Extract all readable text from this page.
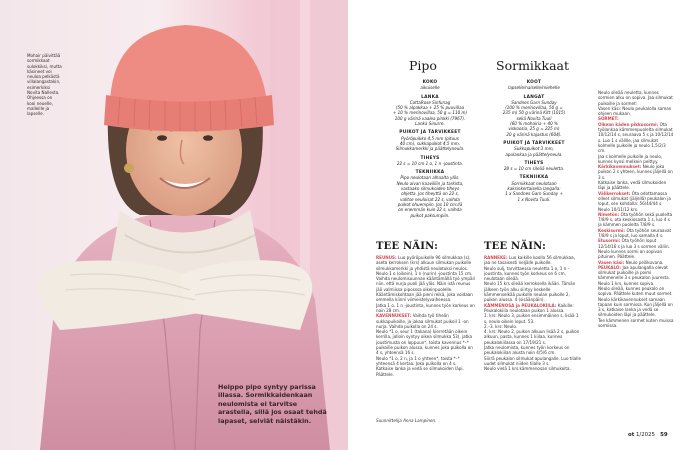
Mohair päivittää
sormikkaat
sulokkiksi, mutta
käsineet voi
neuloa pelkästä
villalangastakin,
esimerkiksi
Novita Nallesta.
Ohjeessa on
kooi neuelle,
malleille ja
lapselle.
Helppo pipo syntyy parissa illassa. Sormikkaidenkaan neulomista ei tarvitse arastella, sillä jos osaat tehdä lapaset, selviät näistäkin.
Pipo	Sormikkaat
KOKO
aikuiselle
LANKA
CottaRose Sinfunag
(50 % alpakkaa + 25 % puuvillaa
+ 10 % merinovillaa, 50 g = 110 m)
100 g värinä vaalea pinkki (7967).
Lanka Sinurre.
PUIKOT JA TARVIKKEET
Pyöröpuikko 4,5 mm (pituus
40 cm), sukkapuikot 4,5 mm.
Silmukkamerkki ja päättelyneula.
TIHEYS
22 s = 10 cm 1 o, 1 n -joustinta.
TEKNIIKKA
Pipo neulotaan alhaalta ylös.
Neulo aivan kaavilliin ja tarkista,
vastaako silmukoiden tiheys
ohjetta. Jos tiheyttä on 22 s,
valitse neuloisat 22 s, vaihda
puikot ohuempiin. Jos 10 cm:llä
on enemmän kuin 22 s, vaihda
puikot paksumpiin.
KOOT
lapselle/naiselle/miehelle
LANGAT
Sandnes Garn Sunday
(100 % merinovillaa, 50 g =
235 m) 50 g värinä Kitt (1015)
sekä Novita Tuuli
(60 % mohairia + 40 %
viskoosia, 25 g = 225 m)
20 g värinä kajastus (604).
PUIKOT JA TARVIKKEET
Sukkapuikot 3 mm,
apulankaa ja päättelyneula.
TIHEYS
28 s = 10 cm sileää neuletta.
TEKNIIKKA
Sormikkaat neulotaan
kaksinkertaisella langalla:
1 x Sandnes Garn Sunday +
1 x Novita Tuuli.
TEE NÄIN:	TEE NÄIN:

REUNUS: Luo pyöröpuikolle 96 silmukkaa (s), aseta kerroksen (krs) alkuun silmukan puikolle silmukkamerkki ja yhdistä neulotuksi neulos. Neulo 1 o (oikein), 1 n (nurin) -joustinta 15 cm.

Vaihda neulomisuunnan kääntämällä työ ympäri niin, että nurja puoli jää ylös. Näin istä reunus jää valmiissa piposssa oikeinpuolelle. Kääntämiskohtaan jää pieni reikä, joka voidaan ommella kiinni viimeistelyvaiheessa.

Jatka 1 o, 1 n -joustinta, kunnes työn korkeus on noin 28 cm.

KAVENNUKSET: Vaihda työ tiheän sukkapuikoille, ja jakaa silmukat puikoil 1 -on nurja. Vaihda puikolla on 24 s.

Neulo *1 o, seur 1 (takana) kierretään oikein kerrilla, jolloin syntyy oikea silmukka 53), jatka joustimusta on loppuun*, toista kavennus *–* puikoille puikon alussa, kunnes joka puikolla on 4 s, yhteensä 16 s.

Neulo *1 o, 2 n, ja 1 o yhteen*, toista *–* yhteensä 4 kertaa. Joka puikolla on 4 s.

Katkaise lanka ja vedä se silmukoiden läpi. Päättele.

Suunnittelija Anna Lampinen.

RANNEKE: Luo kaikille koolla 56 silmukkaa, jaa ne tasaisesti neljälle puikolle.

Neulo sulj, tarvittaessa neuletta 1 o, 1 n -joustinta, kunnes työn korkeus on 6 cm, neulotaan sileää.

Neulo 15 krs sileää kerroksella ikään. Tämän jälkeen työn alku siirtyy keskelle kämmenselkää puikolle neulan puikolle 2, puikon alussa. 4 (sisäänpäin).

KÄMMENOSA ja PEUKALOKIILA: Kaikille: Peukalokiila neulotaan puikon 1 alussa.

1. krs: Neulo 3, puikon ensimmäinen s, lisää 1 s, neulo oikein loput. 53.

2.–3. krs: Neulo.

4. krs: Neulo 2, puikon alkuun lisää 2 s, puikon alkuun, pasta, kunnes 1 kiilaa, kunnes peukalokiilassa on 17/19/21 s.

Jatka neulomista, kunnes työn korkeus on peukalokiilan alusta noin 4/5/6 cm.

Siirrä peukalon silmukat apulangalle. Luo tilalle uudet silmukat niiden tilalle 3 s.

Neulo vielä 1 krs kämmenosan silmukoita.

Neulo sileää neuletta, kunnes sormien alku on sopiva. Jaa silmukat puikoille ja sormet:

Vasen käsi: Neulo peukalolla saman ohjeen mukaan.

SORMET:

Oikean käden pikkusormi: Ota työlankaa kämmenpuolelta silmukat 10/12/14 s, seuraava 5 s ja 10/12/14 s. Luo 1 s välille, jaa silmukat kolmelle puikolle ja neulo 1,5/2/3 cm.

Jaa s kolmelle puikolle ja neulo, kunnes kynsi melkein peittyy.

Kärkikavennukset: Neulo joka puikon 2 s yhteen, kunnes jäljellä on 3 s.

Katkaise lanka, vedä silmukoiden läpi ja päättele.

Välikerrokset: Ota odottamassa olleet silmukat (jäljellä) peukalon ja loput, sen kohdalla: 56/44/44 s. Neulo 10/11/12 krs.

Nimetön: Ota työhön sekä puolelta 7/8/9 s, ota keskiosasta 1 s, luo 4 s ja kämmen puolelta 7/8/9 s.

Keskisormi: Ota työhön seuraavat 7/8/9 s ja loput, luo samalla 4 s.

Etusormi: Ota työhön loput 12/14/16 s ja luo 3 s sormen väliin. Neulo kunnes sormi on sopivan pituinen. Päättele.

Vasen käsi: Neulo peilikuvana.

PEUKALO: Jaa apulangalla olevat silmukat puikoille ja poimi kämmenelle 3 s peukalon juuresta. Neulo 1 krs, kunnes sopiva.

Neulo sileää, kunnes peukalo on sopiva. Päättele kuten muut sormet.

Neulo kärkikavennukset samaan tapaan kuin sormissa. Kun jäljellä on 3 s, katkaise lanka ja vedä se silmukoiden läpi ja päättele.

Tee kämmenen sormet kuten muissa sormissa.

ot 1/2025 59
